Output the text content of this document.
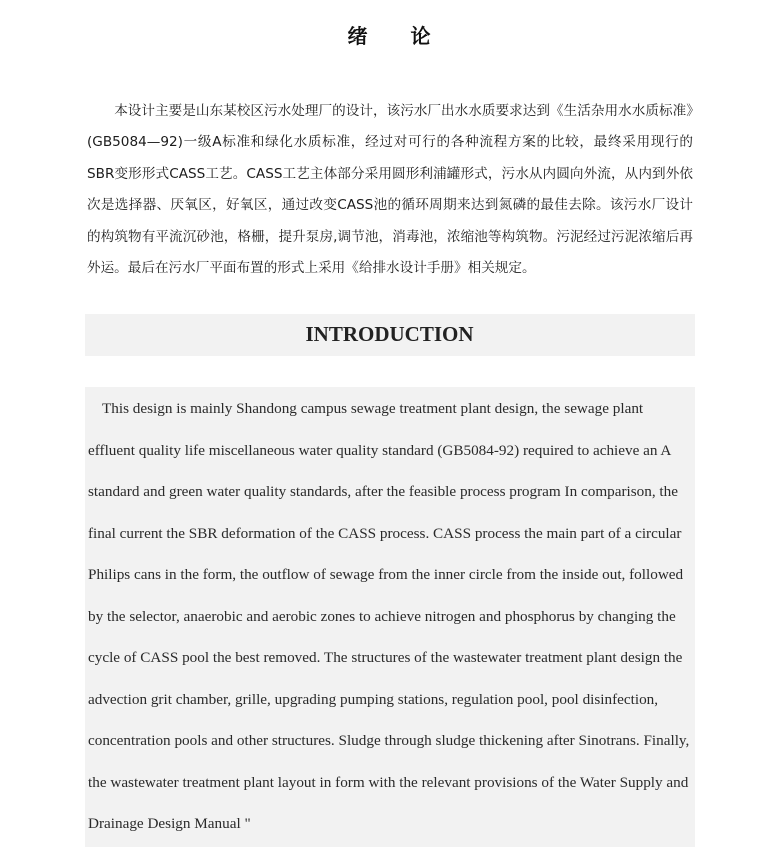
绪　　论

本设计主要是山东某校区污水处理厂的设计，该污水厂出水水质要求达到《生活杂用水水质标准》(GB5084—92)一级A标准和绿化水质标准，经过对可行的各种流程方案的比较，最终采用现行的SBR变形形式CASS工艺。CASS工艺主体部分采用圆形利浦罐形式，污水从内圆向外流，从内到外依次是选择器、厌氧区，好氧区，通过改变CASS池的循环周期来达到氮磷的最佳去除。该污水厂设计的构筑物有平流沉砂池，格栅，提升泵房,调节池，消毒池，浓缩池等构筑物。污泥经过污泥浓缩后再外运。最后在污水厂平面布置的形式上采用《给排水设计手册》相关规定。

INTRODUCTION

This design is mainly Shandong campus sewage treatment plant design, the sewage plant effluent quality life miscellaneous water quality standard (GB5084-92) required to achieve an A standard and green water quality standards, after the feasible process program In comparison, the final current the SBR deformation of the CASS process. CASS process the main part of a circular Philips cans in the form, the outflow of sewage from the inner circle from the inside out, followed by the selector, anaerobic and aerobic zones to achieve nitrogen and phosphorus by changing the cycle of CASS pool the best removed. The structures of the wastewater treatment plant design the advection grit chamber, grille, upgrading pumping stations, regulation pool, pool disinfection, concentration pools and other structures. Sludge through sludge thickening after Sinotrans. Finally, the wastewater treatment plant layout in form with the relevant provisions of the Water Supply and Drainage Design Manual "
